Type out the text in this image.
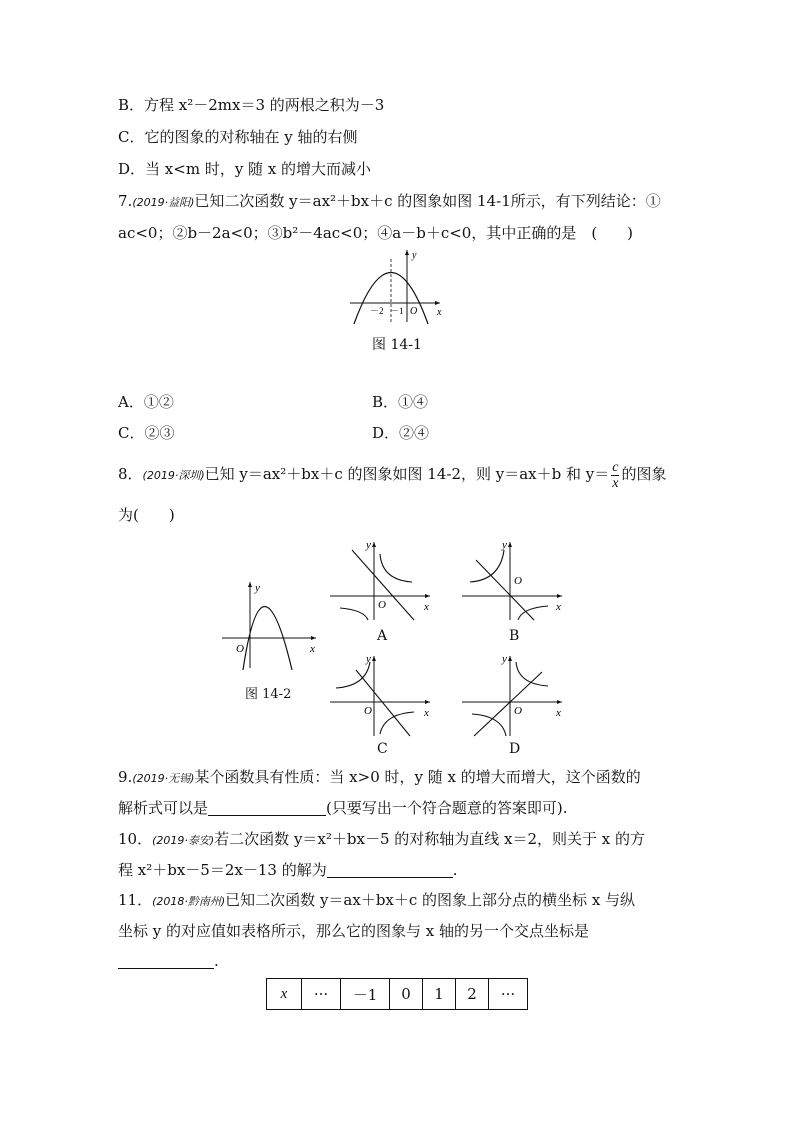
B．方程 x²－2mx＝3 的两根之积为－3
C．它的图象的对称轴在 y 轴的右侧
D．当 x<m 时，y 随 x 的增大而减小
7.(2019·益阳)已知二次函数 y＝ax²＋bx＋c 的图象如图 14-1所示，有下列结论：①
ac<0；②b－2a<0；③b²－4ac<0；④a－b＋c<0，其中正确的是　(　　)
y
x
－2 －1 O
图 14-1
A．①②	B．①④
C．②③	D．②④
8．(2019·深圳)已知 y＝ax²＋bx＋c 的图象如图 14-2，则 y＝ax＋b 和 $y= \frac{c}{x}$ 的图象
为(　　)
y
x
O
图 14-2
y
x
O
A
y
x
O
B
y
x
O
C
y
x
O
D
9.(2019·无锡)某个函数具有性质：当 x>0 时，y 随 x 的增大而增大，这个函数的
解析式可以是	(只要写出一个符合题意的答案即可).
10．(2019·泰安)若二次函数 y＝x²＋bx－5 的对称轴为直线 x＝2，则关于 x 的方
程 x²＋bx－5＝2x－13 的解为	.
11．(2018·黔南州)已知二次函数 y＝ax＋bx＋c 的图象上部分点的横坐标 x 与纵
坐标 y 的对应值如表格所示，那么它的图象与 x 轴的另一个交点坐标是
.
x	···	－1	0	1	2	···
